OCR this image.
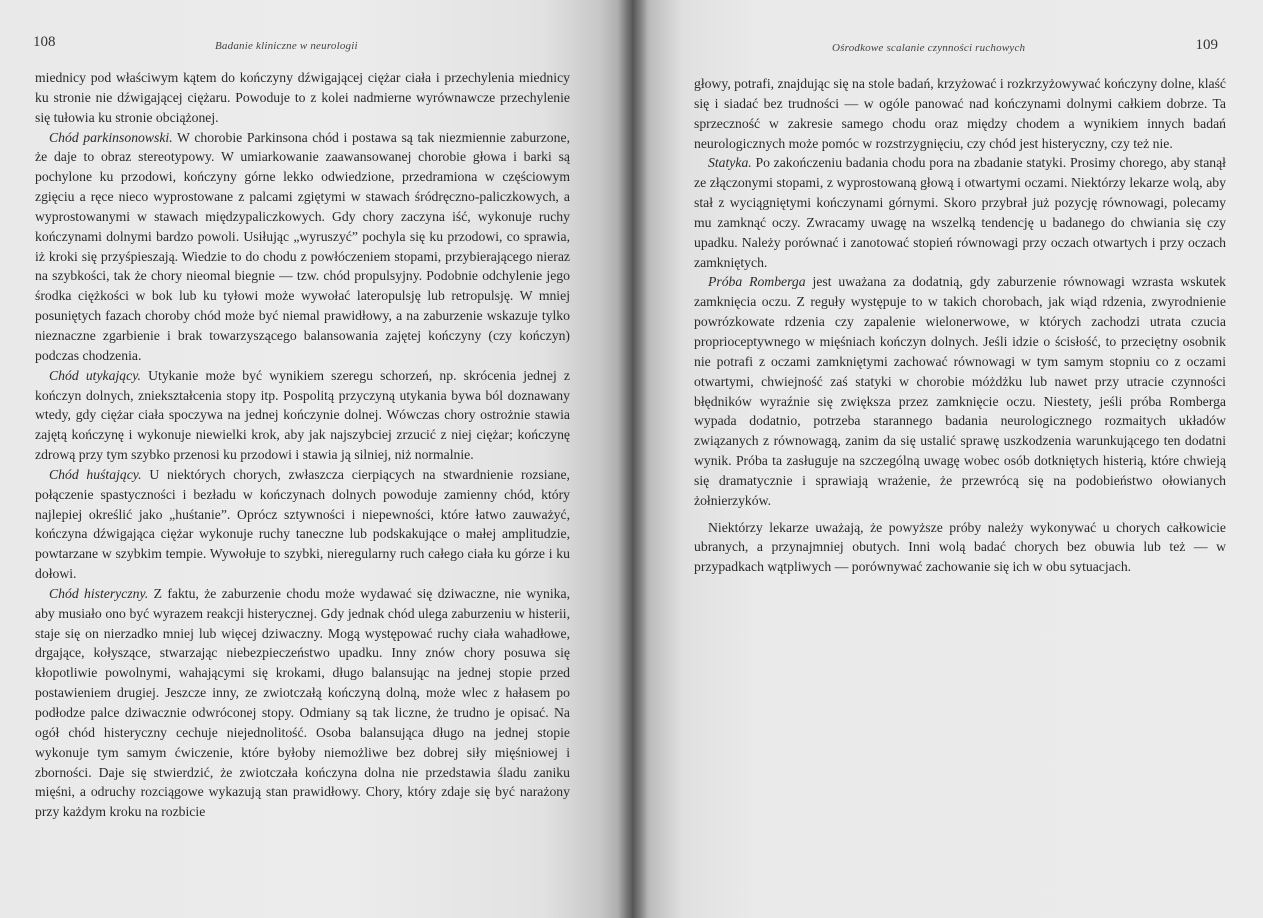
108	Badanie kliniczne w neurologii

miednicy pod właściwym kątem do kończyny dźwigającej ciężar ciała i przechylenia miednicy ku stronie nie dźwigającej ciężaru. Powoduje to z kolei nadmierne wyrównawcze przechylenie się tułowia ku stronie obciążonej.

Chód parkinsonowski. W chorobie Parkinsona chód i postawa są tak niezmiennie zaburzone, że daje to obraz stereotypowy. W umiarkowanie zaawansowanej chorobie głowa i barki są pochylone ku przodowi, kończyny górne lekko odwiedzione, przedramiona w częściowym zgięciu a ręce nieco wyprostowane z palcami zgiętymi w stawach śródręczno-paliczkowych, a wyprostowanymi w stawach międzypaliczkowych. Gdy chory zaczyna iść, wykonuje ruchy kończynami dolnymi bardzo powoli. Usiłując „wyruszyć” pochyla się ku przodowi, co sprawia, iż kroki się przyśpieszają. Wiedzie to do chodu z powłóczeniem stopami, przybierającego nieraz na szybkości, tak że chory nieomal biegnie — tzw. chód propulsyjny. Podobnie odchylenie jego środka ciężkości w bok lub ku tyłowi może wywołać lateropulsję lub retropulsję. W mniej posuniętych fazach choroby chód może być niemal prawidłowy, a na zaburzenie wskazuje tylko nieznaczne zgarbienie i brak towarzyszącego balansowania zajętej kończyny (czy kończyn) podczas chodzenia.

Chód utykający. Utykanie może być wynikiem szeregu schorzeń, np. skrócenia jednej z kończyn dolnych, zniekształcenia stopy itp. Pospolitą przyczyną utykania bywa ból doznawany wtedy, gdy ciężar ciała spoczywa na jednej kończynie dolnej. Wówczas chory ostrożnie stawia zajętą kończynę i wykonuje niewielki krok, aby jak najszybciej zrzucić z niej ciężar; kończynę zdrową przy tym szybko przenosi ku przodowi i stawia ją silniej, niż normalnie.

Chód huśtający. U niektórych chorych, zwłaszcza cierpiących na stwardnienie rozsiane, połączenie spastyczności i bezładu w kończynach dolnych powoduje zamienny chód, który najlepiej określić jako „huśtanie”. Oprócz sztywności i niepewności, które łatwo zauważyć, kończyna dźwigająca ciężar wykonuje ruchy taneczne lub podskakujące o małej amplitudzie, powtarzane w szybkim tempie. Wywołuje to szybki, nieregularny ruch całego ciała ku górze i ku dołowi.

Chód histeryczny. Z faktu, że zaburzenie chodu może wydawać się dziwaczne, nie wynika, aby musiało ono być wyrazem reakcji histerycznej. Gdy jednak chód ulega zaburzeniu w histerii, staje się on nierzadko mniej lub więcej dziwaczny. Mogą występować ruchy ciała wahadłowe, drgające, kołyszące, stwarzając niebezpieczeństwo upadku. Inny znów chory posuwa się kłopotliwie powolnymi, wahającymi się krokami, długo balansując na jednej stopie przed postawieniem drugiej. Jeszcze inny, ze zwiotczałą kończyną dolną, może wlec z hałasem po podłodze palce dziwacznie odwróconej stopy. Odmiany są tak liczne, że trudno je opisać. Na ogół chód histeryczny cechuje niejednolitość. Osoba balansująca długo na jednej stopie wykonuje tym samym ćwiczenie, które byłoby niemożliwe bez dobrej siły mięśniowej i zborności. Daje się stwierdzić, że zwiotczała kończyna dolna nie przedstawia śladu zaniku mięśni, a odruchy rozciągowe wykazują stan prawidłowy. Chory, który zdaje się być narażony przy każdym kroku na rozbicie

Ośrodkowe scalanie czynności ruchowych	109

głowy, potrafi, znajdując się na stole badań, krzyżować i rozkrzyżowywać kończyny dolne, klaść się i siadać bez trudności — w ogóle panować nad kończynami dolnymi całkiem dobrze. Ta sprzeczność w zakresie samego chodu oraz między chodem a wynikiem innych badań neurologicznych może pomóc w rozstrzygnięciu, czy chód jest histeryczny, czy też nie.

Statyka. Po zakończeniu badania chodu pora na zbadanie statyki. Prosimy chorego, aby stanął ze złączonymi stopami, z wyprostowaną głową i otwartymi oczami. Niektórzy lekarze wolą, aby stał z wyciągniętymi kończynami górnymi. Skoro przybrał już pozycję równowagi, polecamy mu zamknąć oczy. Zwracamy uwagę na wszelką tendencję u badanego do chwiania się czy upadku. Należy porównać i zanotować stopień równowagi przy oczach otwartych i przy oczach zamkniętych.

Próba Romberga jest uważana za dodatnią, gdy zaburzenie równowagi wzrasta wskutek zamknięcia oczu. Z reguły występuje to w takich chorobach, jak wiąd rdzenia, zwyrodnienie powrózkowate rdzenia czy zapalenie wielonerwowe, w których zachodzi utrata czucia proprioceptywnego w mięśniach kończyn dolnych. Jeśli idzie o ścisłość, to przeciętny osobnik nie potrafi z oczami zamkniętymi zachować równowagi w tym samym stopniu co z oczami otwartymi, chwiejność zaś statyki w chorobie móżdżku lub nawet przy utracie czynności błędników wyraźnie się zwiększa przez zamknięcie oczu. Niestety, jeśli próba Romberga wypada dodatnio, potrzeba starannego badania neurologicznego rozmaitych układów związanych z równowagą, zanim da się ustalić sprawę uszkodzenia warunkującego ten dodatni wynik. Próba ta zasługuje na szczególną uwagę wobec osób dotkniętych histerią, które chwieją się dramatycznie i sprawiają wrażenie, że przewrócą się na podobieństwo ołowianych żołnierzyków.

Niektórzy lekarze uważają, że powyższe próby należy wykonywać u chorych całkowicie ubranych, a przynajmniej obutych. Inni wolą badać chorych bez obuwia lub też — w przypadkach wątpliwych — porównywać zachowanie się ich w obu sytuacjach.
